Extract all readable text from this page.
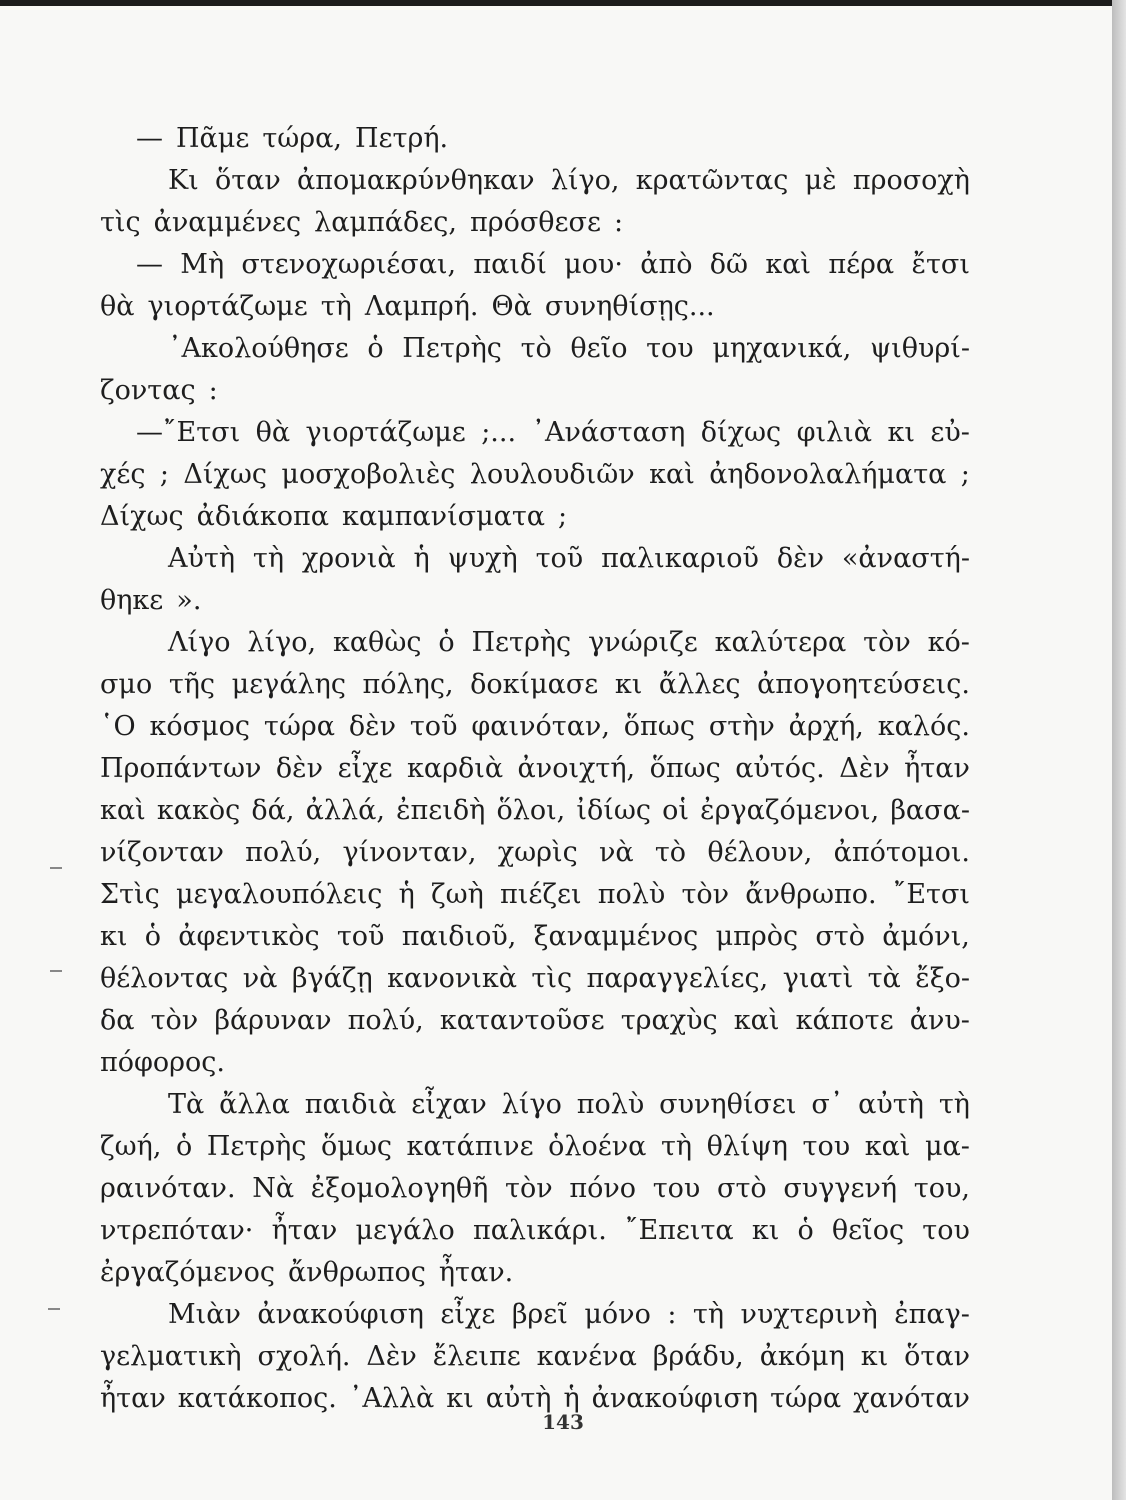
— Πᾶμε τώρα, Πετρή.
Κι ὅταν ἀπομακρύνθηκαν λίγο, κρατῶντας μὲ προσοχὴ
τὶς ἀναμμένες λαμπάδες, πρόσθεσε :
— Μὴ στενοχωριέσαι, παιδί μου· ἀπὸ δῶ καὶ πέρα ἔτσι
θὰ γιορτάζωμε τὴ Λαμπρή. Θὰ συνηθίσῃς...
᾿Ακολούθησε ὁ Πετρὴς τὸ θεῖο του μηχανικά, ψιθυρί-
ζοντας :
—῎Ετσι θὰ γιορτάζωμε ;... ᾿Ανάσταση δίχως φιλιὰ κι εὐ-
χές ; Δίχως μοσχοβολιὲς λουλουδιῶν καὶ ἀηδονολαλήματα ;
Δίχως ἀδιάκοπα καμπανίσματα ;
Αὐτὴ τὴ χρονιὰ ἡ ψυχὴ τοῦ παλικαριοῦ δὲν «ἀναστή-
θηκε ».
Λίγο λίγο, καθὼς ὁ Πετρὴς γνώριζε καλύτερα τὸν κό-
σμο τῆς μεγάλης πόλης, δοκίμασε κι ἄλλες ἀπογοητεύσεις.
῾Ο κόσμος τώρα δὲν τοῦ φαινόταν, ὅπως στὴν ἀρχή, καλός.
Προπάντων δὲν εἶχε καρδιὰ ἀνοιχτή, ὅπως αὐτός. Δὲν ἦταν
καὶ κακὸς δά, ἀλλά, ἐπειδὴ ὅλοι, ἰδίως οἱ ἐργαζόμενοι, βασα-
νίζονταν πολύ, γίνονταν, χωρὶς νὰ τὸ θέλουν, ἀπότομοι.
Στὶς μεγαλουπόλεις ἡ ζωὴ πιέζει πολὺ τὸν ἄνθρωπο. ῎Ετσι
κι ὁ ἀφεντικὸς τοῦ παιδιοῦ, ξαναμμένος μπρὸς στὸ ἀμόνι,
θέλοντας νὰ βγάζῃ κανονικὰ τὶς παραγγελίες, γιατὶ τὰ ἔξο-
δα τὸν βάρυναν πολύ, καταντοῦσε τραχὺς καὶ κάποτε ἀνυ-
πόφορος.
Τὰ ἄλλα παιδιὰ εἶχαν λίγο πολὺ συνηθίσει σ᾿ αὐτὴ τὴ
ζωή, ὁ Πετρὴς ὅμως κατάπινε ὁλοένα τὴ θλίψη του καὶ μα-
ραινόταν. Νὰ ἐξομολογηθῆ τὸν πόνο του στὸ συγγενή του,
ντρεπόταν· ἦταν μεγάλο παλικάρι. ῎Επειτα κι ὁ θεῖος του
ἐργαζόμενος ἄνθρωπος ἦταν.
Μιὰν ἀνακούφιση εἶχε βρεῖ μόνο : τὴ νυχτερινὴ ἐπαγ-
γελματικὴ σχολή. Δὲν ἔλειπε κανένα βράδυ, ἀκόμη κι ὅταν
ἦταν κατάκοπος. ᾿Αλλὰ κι αὐτὴ ἡ ἀνακούφιση τώρα χανόταν
143
